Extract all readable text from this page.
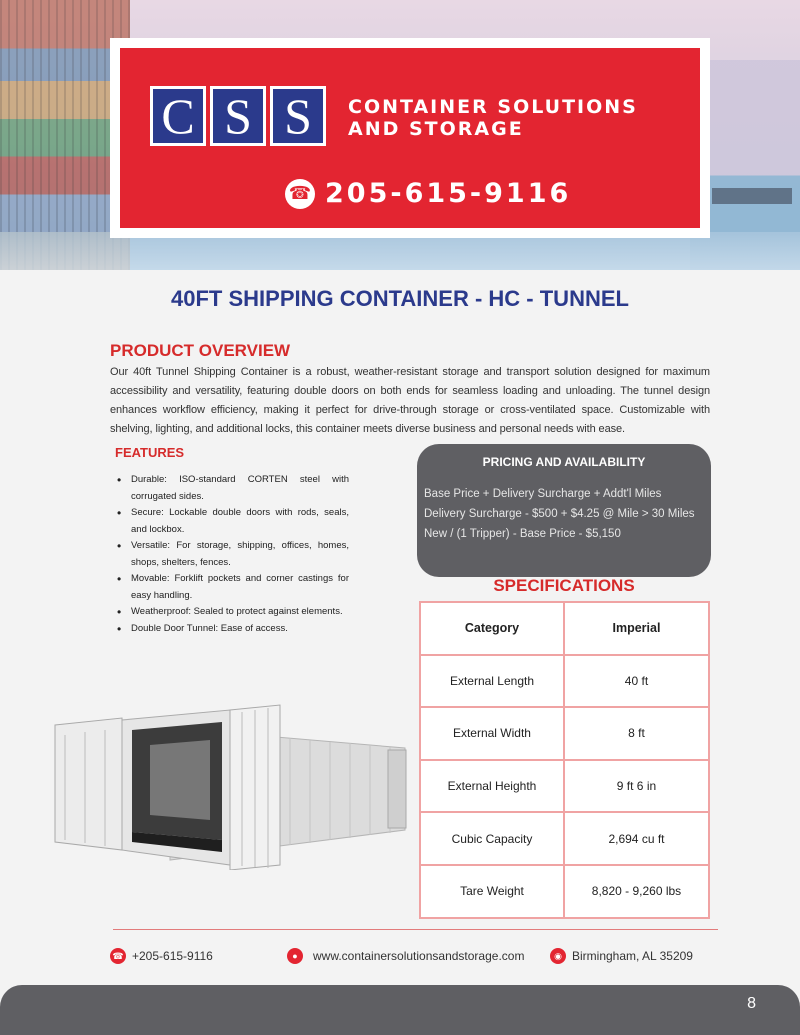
C S S	CONTAINER SOLUTIONS
AND STORAGE
☎ 205-615-9116
40FT SHIPPING CONTAINER - HC - TUNNEL
PRODUCT OVERVIEW

Our 40ft Tunnel Shipping Container is a robust, weather-resistant storage and transport solution designed for maximum accessibility and versatility, featuring double doors on both ends for seamless loading and unloading. The tunnel design enhances workflow efficiency, making it perfect for drive-through storage or cross-ventilated space. Customizable with shelving, lighting, and additional locks, this container meets diverse business and personal needs with ease.

FEATURES
• Durable: ISO-standard CORTEN steel with corrugated sides.
• Secure: Lockable double doors with rods, seals, and lockbox.
• Versatile: For storage, shipping, offices, homes, shops, shelters, fences.
• Movable: Forklift pockets and corner castings for easy handling.
• Weatherproof: Sealed to protect against elements.
• Double Door Tunnel: Ease of access.
PRICING AND AVAILABILITY
Base Price + Delivery Surcharge + Addt'l Miles
Delivery Surcharge - $500 + $4.25 @ Mile > 30 Miles
New / (1 Tripper) - Base Price - $5,150
SPECIFICATIONS
Category	Imperial
External Length	40 ft
External Width	8 ft
External Heighth	9 ft 6 in
Cubic Capacity	2,694 cu ft
Tare Weight	8,820 - 9,260 lbs
☎ +205-615-9116	●	www.containersolutionsandstorage.com	◉ Birmingham, AL 35209
8
